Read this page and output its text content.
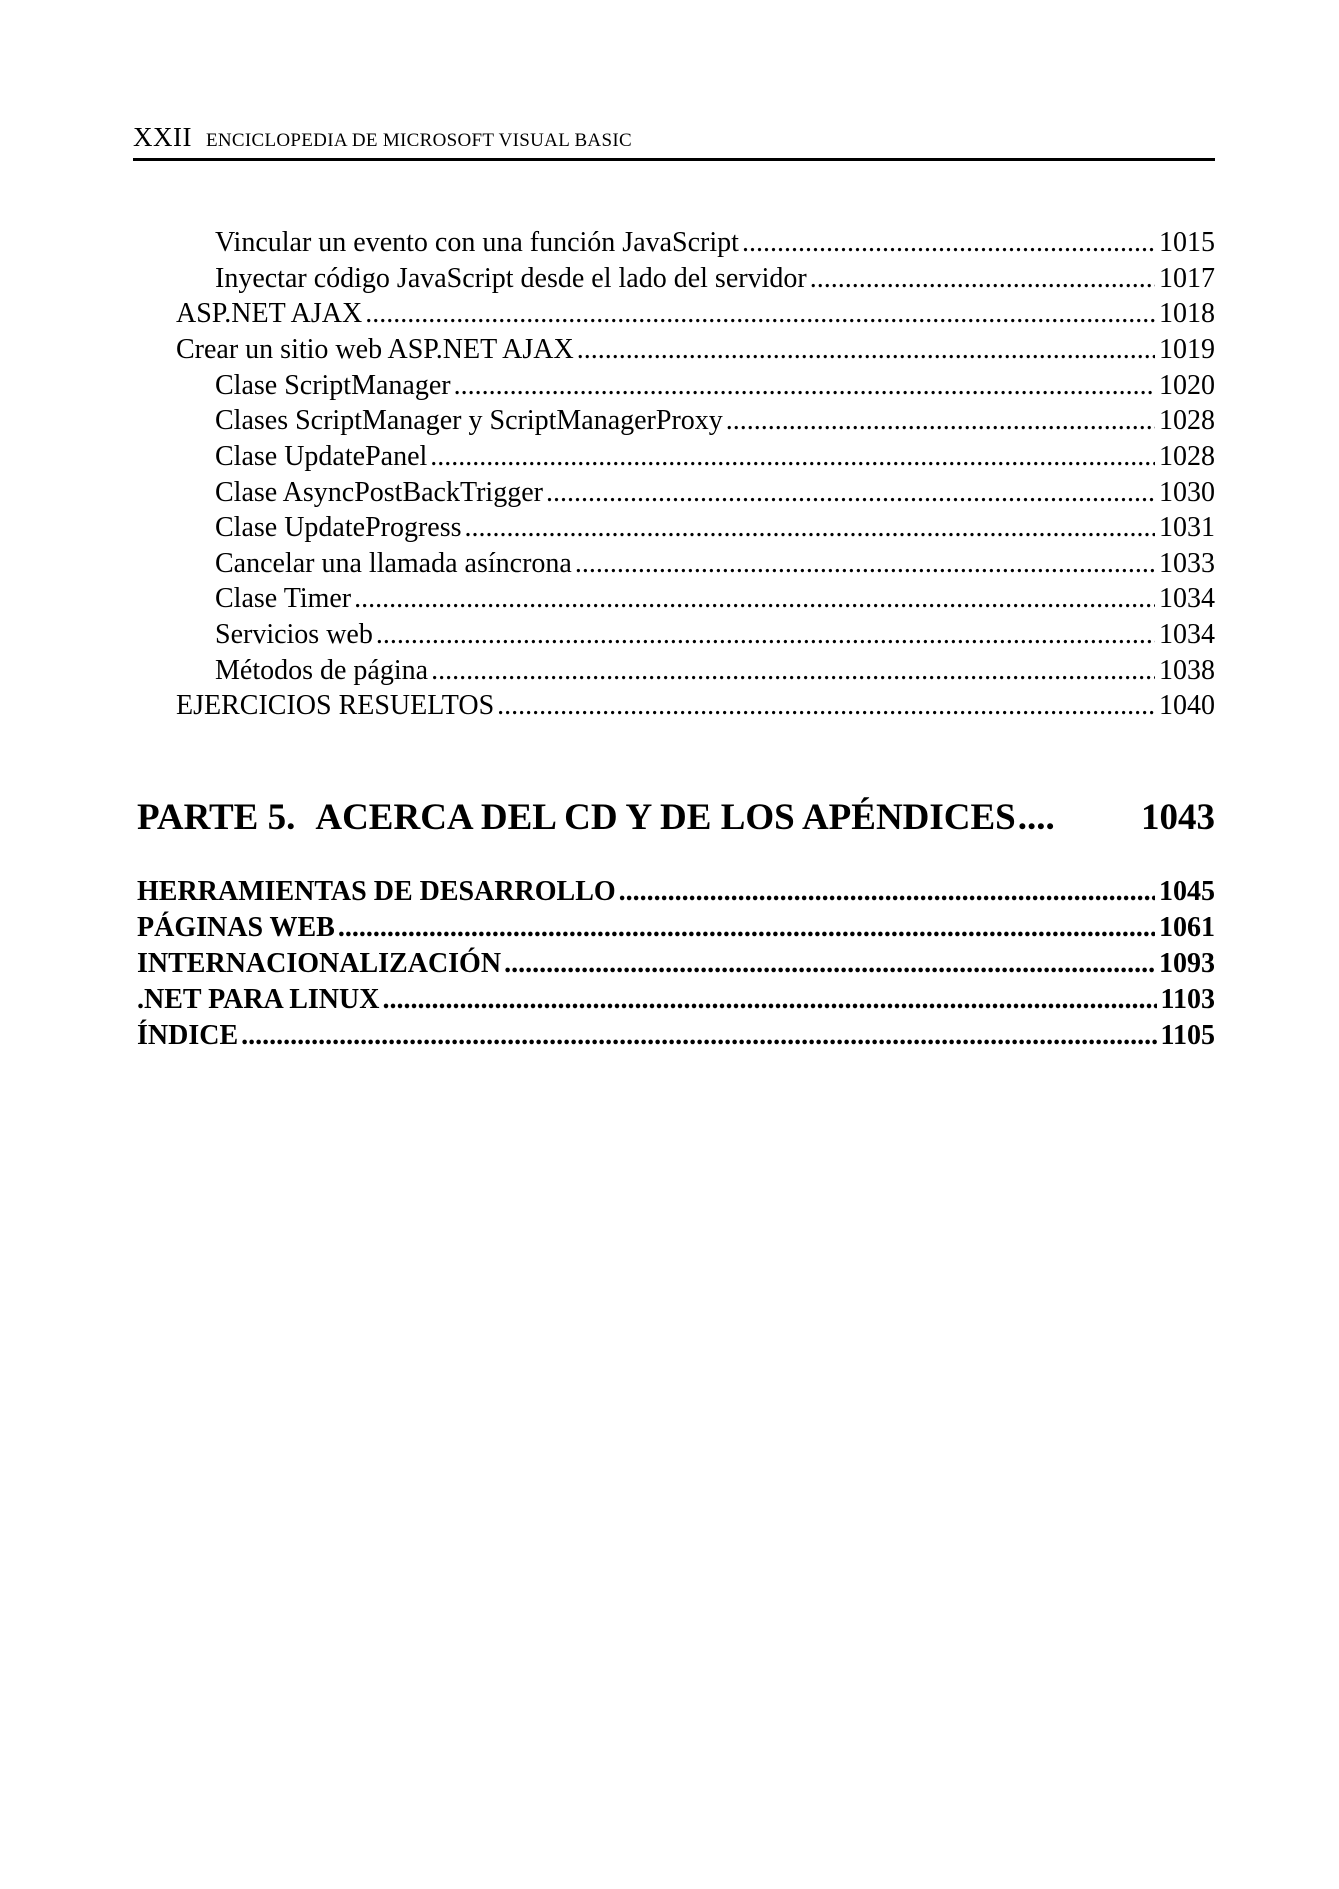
XXII ENCICLOPEDIA DE MICROSOFT VISUAL BASIC
Vincular un evento con una función JavaScript .....	1015
Inyectar código JavaScript desde el lado del servidor .....	1017
ASP.NET AJAX .....	1018
Crear un sitio web ASP.NET AJAX .....	1019
Clase ScriptManager .....	1020
Clases ScriptManager y ScriptManagerProxy .....	1028
Clase UpdatePanel .....	1028
Clase AsyncPostBackTrigger .....	1030
Clase UpdateProgress .....	1031
Cancelar una llamada asíncrona .....	1033
Clase Timer .....	1034
Servicios web .....	1034
Métodos de página .....	1038
EJERCICIOS RESUELTOS .....	1040
PARTE 5. ACERCA DEL CD Y DE LOS APÉNDICES ....	1043
HERRAMIENTAS DE DESARROLLO .....	1045
PÁGINAS WEB .....	1061
INTERNACIONALIZACIÓN .....	1093
.NET PARA LINUX .....	1103
ÍNDICE .....	1105
